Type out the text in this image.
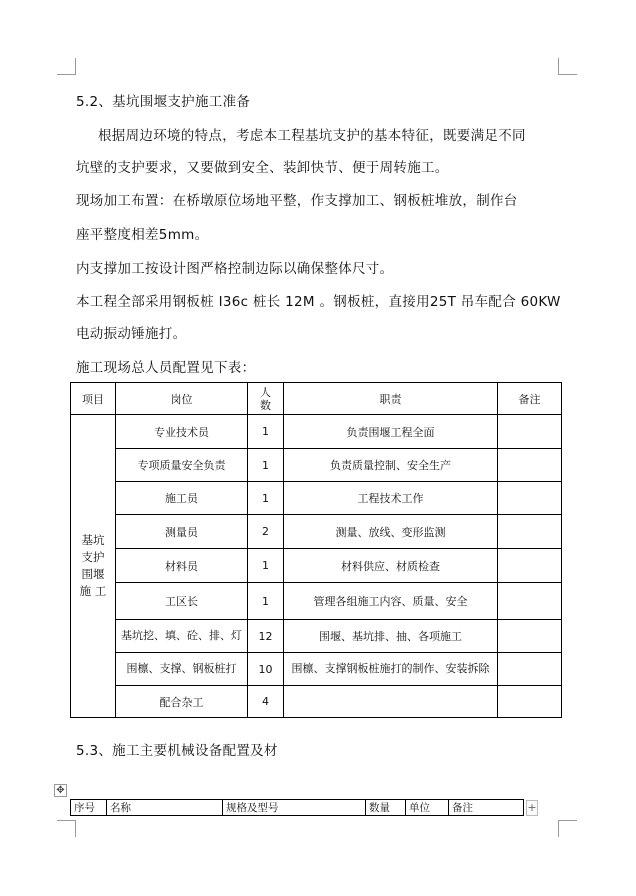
5.2、基坑围堰支护施工准备
根据周边环境的特点，考虑本工程基坑支护的基本特征，既要满足不同
坑壁的支护要求，又要做到安全、装卸快节、便于周转施工。
现场加工布置：在桥墩原位场地平整，作支撑加工、钢板桩堆放，制作台
座平整度相差5mm。
内支撑加工按设计图严格控制边际以确保整体尺寸。
本工程全部采用钢板桩 I36c 桩长 12M 。钢板桩，直接用25T 吊车配合 60KW
电动振动锤施打。
施工现场总人员配置见下表：
项目	岗位	人数	职责	备注
基坑
支护
围堰
施 工	专业技术员	1	负责围堰工程全面	
	专项质量安全负责	1	负责质量控制、安全生产	
	施工员	1	工程技术工作	
	测量员	2	测量、放线、变形监测	
	材料员	1	材料供应、材质检查	
	工区长	1	管理各组施工内容、质量、安全	

	基坑挖、填、砼、排、灯	12	围堰、基坑排、抽、各项施工	

	围檩、支撑、钢板桩打	10	围檩、支撑钢板桩施打的制作、安装拆除	

	配合杂工	4		
5.3、施工主要机械设备配置及材
✥
序号	名称	规格及型号	数量	单位	备注	+
